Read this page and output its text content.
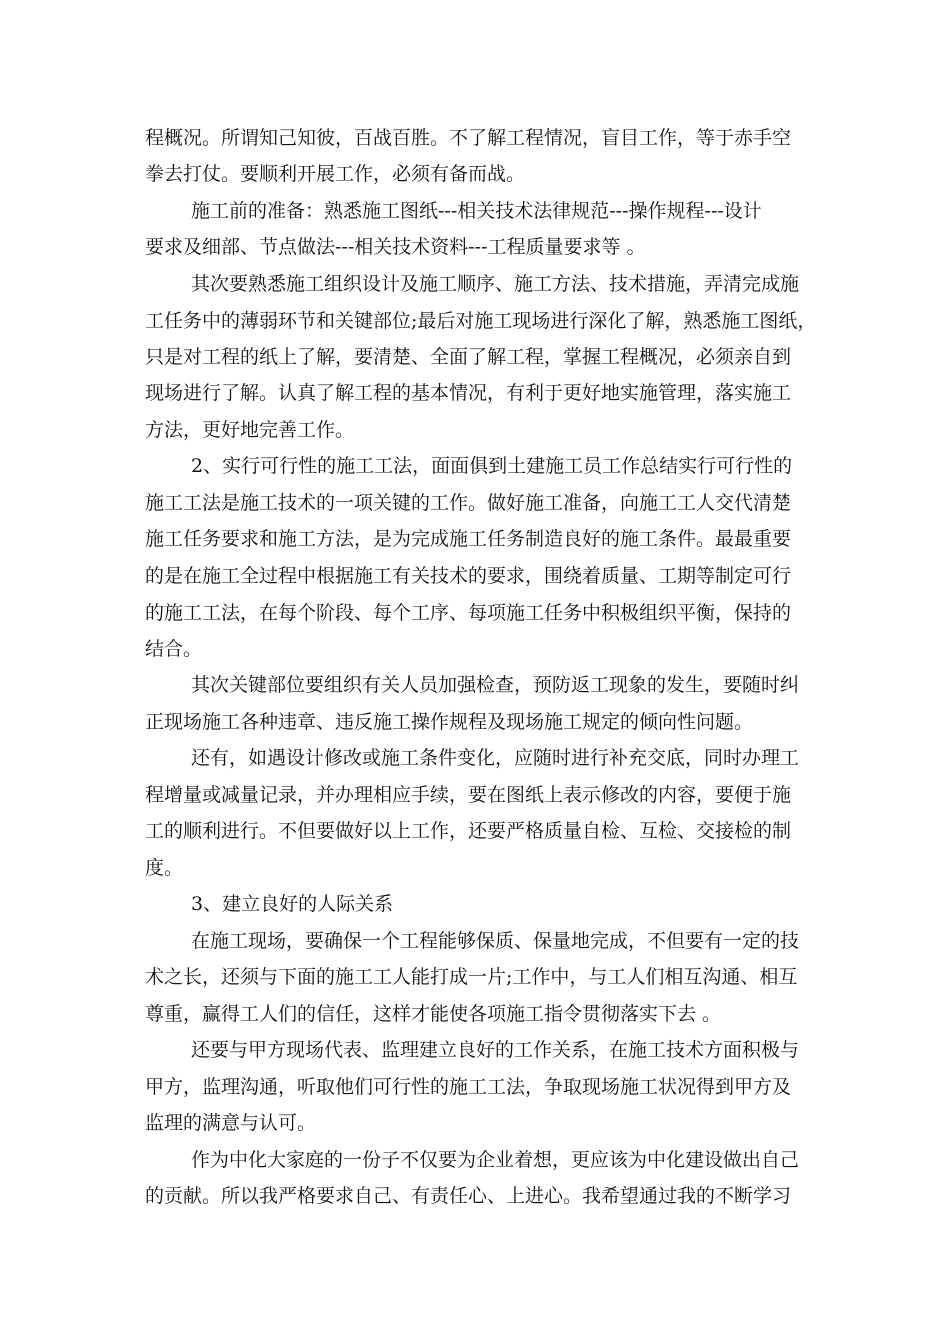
程概况。所谓知己知彼，百战百胜。不了解工程情况，盲目工作，等于赤手空
拳去打仗。要顺利开展工作，必须有备而战。
施工前的准备：熟悉施工图纸---相关技术法律规范---操作规程---设计
要求及细部、节点做法---相关技术资料---工程质量要求等 。
其次要熟悉施工组织设计及施工顺序、施工方法、技术措施，弄清完成施
工任务中的薄弱环节和关键部位;最后对施工现场进行深化了解，熟悉施工图纸，
只是对工程的纸上了解，要清楚、全面了解工程，掌握工程概况，必须亲自到
现场进行了解。认真了解工程的基本情况，有利于更好地实施管理，落实施工
方法，更好地完善工作。
2、实行可行性的施工工法，面面俱到土建施工员工作总结实行可行性的
施工工法是施工技术的一项关键的工作。做好施工准备，向施工工人交代清楚
施工任务要求和施工方法，是为完成施工任务制造良好的施工条件。最最重要
的是在施工全过程中根据施工有关技术的要求，围绕着质量、工期等制定可行
的施工工法，在每个阶段、每个工序、每项施工任务中积极组织平衡，保持的
结合。
其次关键部位要组织有关人员加强检查，预防返工现象的发生，要随时纠
正现场施工各种违章、违反施工操作规程及现场施工规定的倾向性问题。
还有，如遇设计修改或施工条件变化，应随时进行补充交底，同时办理工
程增量或减量记录，并办理相应手续，要在图纸上表示修改的内容，要便于施
工的顺利进行。不但要做好以上工作，还要严格质量自检、互检、交接检的制
度。
3、建立良好的人际关系
在施工现场，要确保一个工程能够保质、保量地完成，不但要有一定的技
术之长，还须与下面的施工工人能打成一片;工作中，与工人们相互沟通、相互
尊重，赢得工人们的信任，这样才能使各项施工指令贯彻落实下去 。
还要与甲方现场代表、监理建立良好的工作关系，在施工技术方面积极与
甲方，监理沟通，听取他们可行性的施工工法，争取现场施工状况得到甲方及
监理的满意与认可。
作为中化大家庭的一份子不仅要为企业着想，更应该为中化建设做出自己
的贡献。所以我严格要求自己、有责任心、上进心。我希望通过我的不断学习
